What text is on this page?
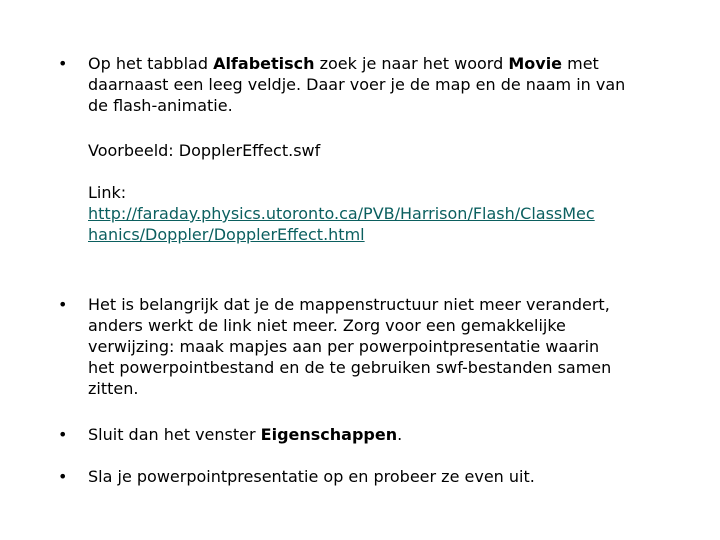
• Op het tabblad Alfabetisch zoek je naar het woord Movie met
daarnaast een leeg veldje. Daar voer je de map en de naam in van
de flash-animatie.
Voorbeeld: DopplerEffect.swf
Link:
http://faraday.physics.utoronto.ca/PVB/Harrison/Flash/ClassMec
hanics/Doppler/DopplerEffect.html
• Het is belangrijk dat je de mappenstructuur niet meer verandert,
anders werkt de link niet meer. Zorg voor een gemakkelijke
verwijzing: maak mapjes aan per powerpointpresentatie waarin
het powerpointbestand en de te gebruiken swf-bestanden samen
zitten.
• Sluit dan het venster Eigenschappen.
• Sla je powerpointpresentatie op en probeer ze even uit.
